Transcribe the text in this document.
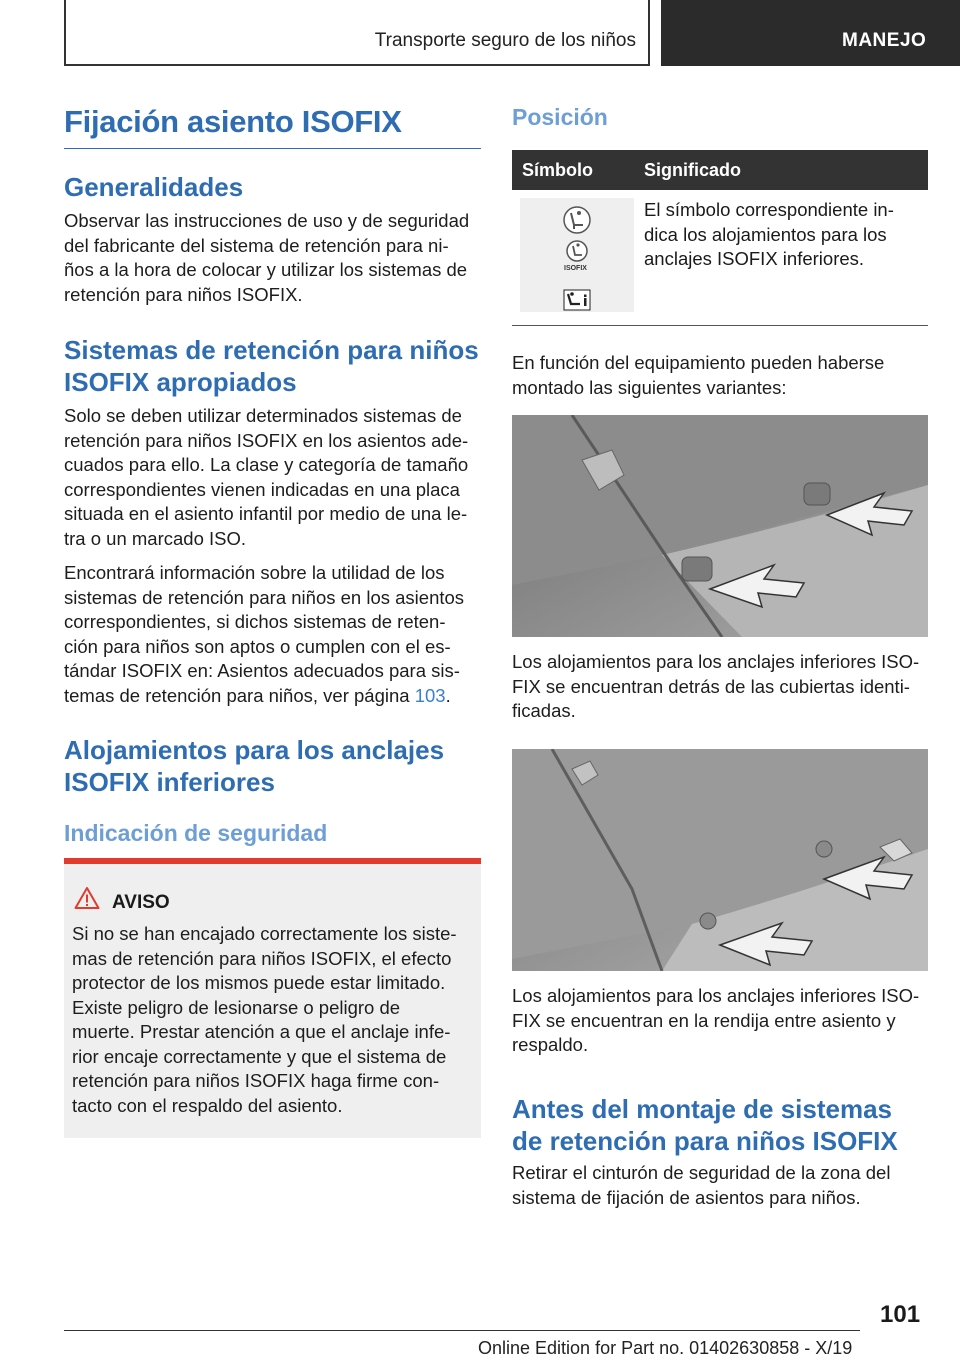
Transporte seguro de los niños	MANEJO
Fijación asiento ISOFIX
Generalidades
Observar las instrucciones de uso y de seguridad
del fabricante del sistema de retención para ni-
ños a la hora de colocar y utilizar los sistemas de
retención para niños ISOFIX.
Sistemas de retención para niños
ISOFIX apropiados
Solo se deben utilizar determinados sistemas de
retención para niños ISOFIX en los asientos ade-
cuados para ello. La clase y categoría de tamaño
correspondientes vienen indicadas en una placa
situada en el asiento infantil por medio de una le-
tra o un marcado ISO.
Encontrará información sobre la utilidad de los
sistemas de retención para niños en los asientos
correspondientes, si dichos sistemas de reten-
ción para niños son aptos o cumplen con el es-
tándar ISOFIX en: Asientos adecuados para sis-
temas de retención para niños, ver página 103.
Alojamientos para los anclajes
ISOFIX inferiores
Indicación de seguridad
AVISO
Si no se han encajado correctamente los siste-
mas de retención para niños ISOFIX, el efecto
protector de los mismos puede estar limitado.
Existe peligro de lesionarse o peligro de
muerte. Prestar atención a que el anclaje infe-
rior encaje correctamente y que el sistema de
retención para niños ISOFIX haga firme con-
tacto con el respaldo del asiento.
Posición
Símbolo	Significado
ISOFIX
El símbolo correspondiente in-
dica los alojamientos para los
anclajes ISOFIX inferiores.
En función del equipamiento pueden haberse
montado las siguientes variantes:
Los alojamientos para los anclajes inferiores ISO-
FIX se encuentran detrás de las cubiertas identi-
ficadas.
Los alojamientos para los anclajes inferiores ISO-
FIX se encuentran en la rendija entre asiento y
respaldo.
Antes del montaje de sistemas
de retención para niños ISOFIX
Retirar el cinturón de seguridad de la zona del
sistema de fijación de asientos para niños.
101
Online Edition for Part no. 01402630858 - X/19
